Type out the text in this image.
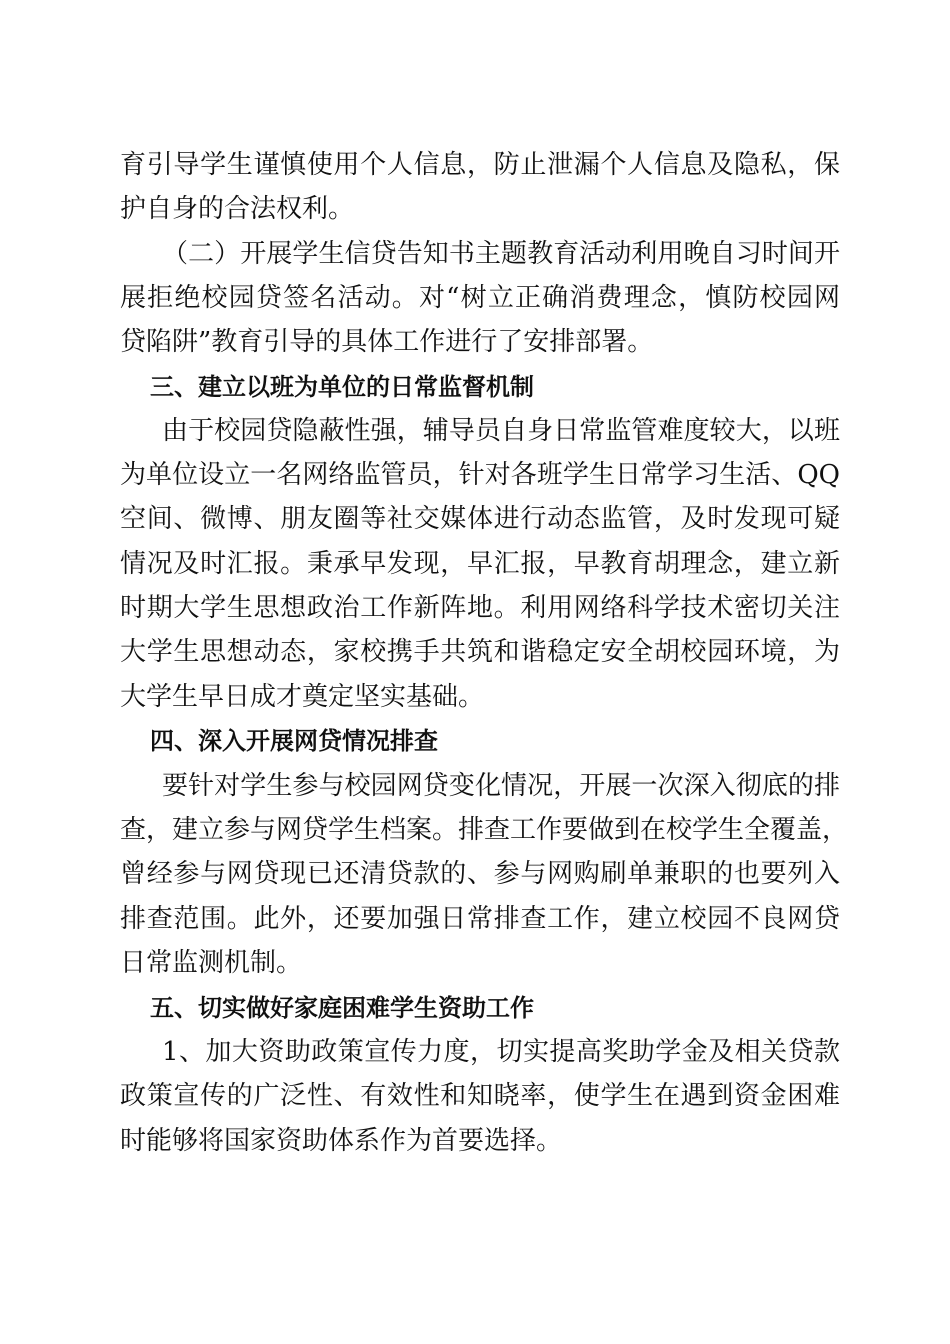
育引导学生谨慎使用个人信息，防止泄漏个人信息及隐私，保
护自身的合法权利。
（二）开展学生信贷告知书主题教育活动利用晚自习时间开
展拒绝校园贷签名活动。对“树立正确消费理念，慎防校园网
贷陷阱”教育引导的具体工作进行了安排部署。
三、建立以班为单位的日常监督机制
由于校园贷隐蔽性强，辅导员自身日常监管难度较大，以班
为单位设立一名网络监管员，针对各班学生日常学习生活、QQ
空间、微博、朋友圈等社交媒体进行动态监管，及时发现可疑
情况及时汇报。秉承早发现，早汇报，早教育胡理念，建立新
时期大学生思想政治工作新阵地。利用网络科学技术密切关注
大学生思想动态，家校携手共筑和谐稳定安全胡校园环境，为
大学生早日成才奠定坚实基础。
四、深入开展网贷情况排查
要针对学生参与校园网贷变化情况，开展一次深入彻底的排
查，建立参与网贷学生档案。排查工作要做到在校学生全覆盖，
曾经参与网贷现已还清贷款的、参与网购刷单兼职的也要列入
排查范围。此外，还要加强日常排查工作，建立校园不良网贷
日常监测机制。
五、切实做好家庭困难学生资助工作
1、加大资助政策宣传力度，切实提高奖助学金及相关贷款
政策宣传的广泛性、有效性和知晓率，使学生在遇到资金困难
时能够将国家资助体系作为首要选择。
